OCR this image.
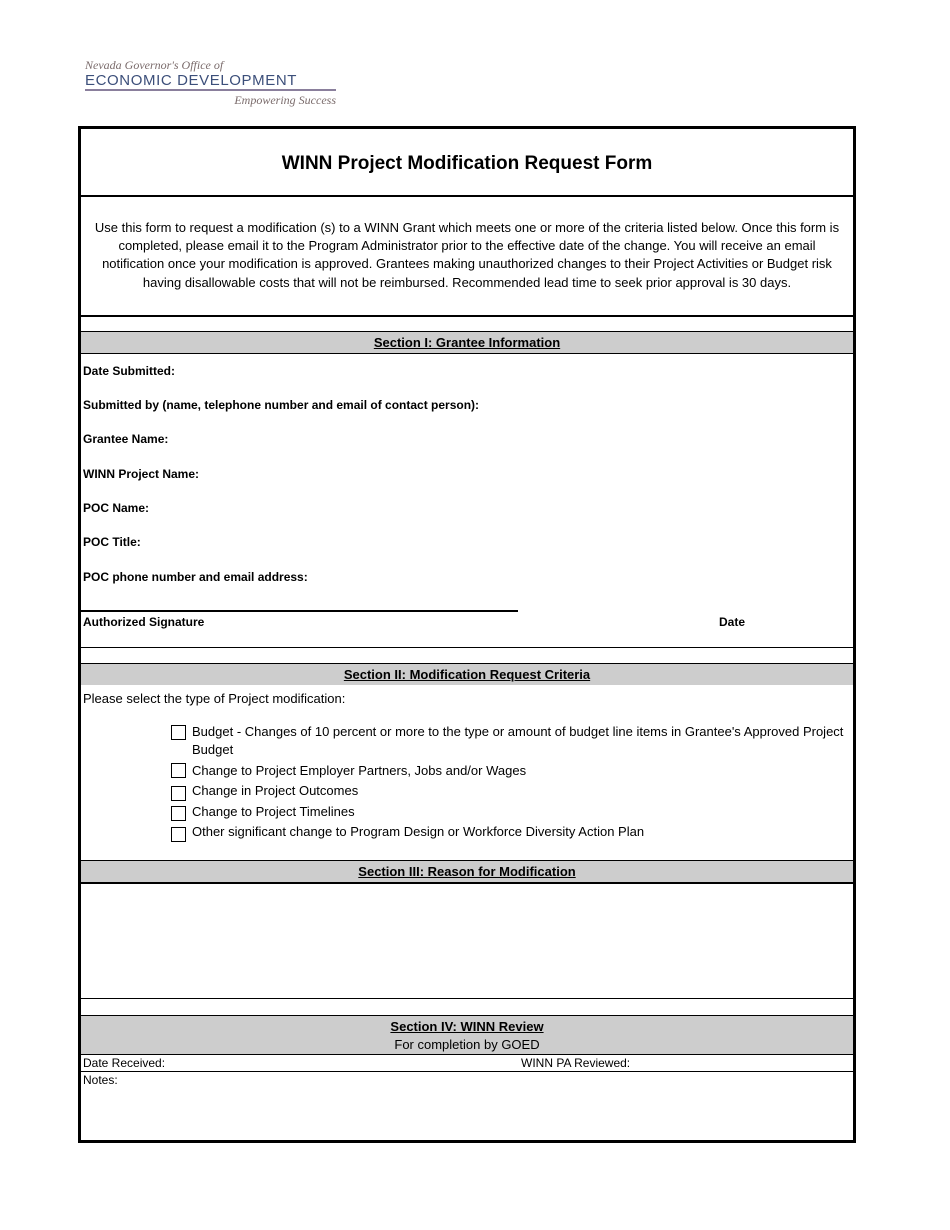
Nevada Governor's Office of
ECONOMIC DEVELOPMENT
Empowering Success
WINN Project Modification Request Form
Use this form to request a modification (s) to a WINN Grant which meets one or more of the criteria listed below. Once this form is completed, please email it to the Program Administrator prior to the effective date of the change. You will receive an email notification once your modification is approved. Grantees making unauthorized changes to their Project Activities or Budget risk having disallowable costs that will not be reimbursed. Recommended lead time to seek prior approval is 30 days.
Section I: Grantee Information
Date Submitted:
Submitted by (name, telephone number and email of contact person):
Grantee Name:
WINN Project Name:
POC Name:
POC Title:
POC phone number and email address:
Authorized Signature	Date
Section II: Modification Request Criteria
Please select the type of Project modification:
Budget - Changes of 10 percent or more to the type or amount of budget line items in Grantee's Approved Project Budget
Change to Project Employer Partners, Jobs and/or Wages
Change in Project Outcomes
Change to Project Timelines
Other significant change to Program Design or Workforce Diversity Action Plan
Section III: Reason for Modification
Section IV: WINN Review
For completion by GOED
Date Received:	WINN PA Reviewed:
Notes:
